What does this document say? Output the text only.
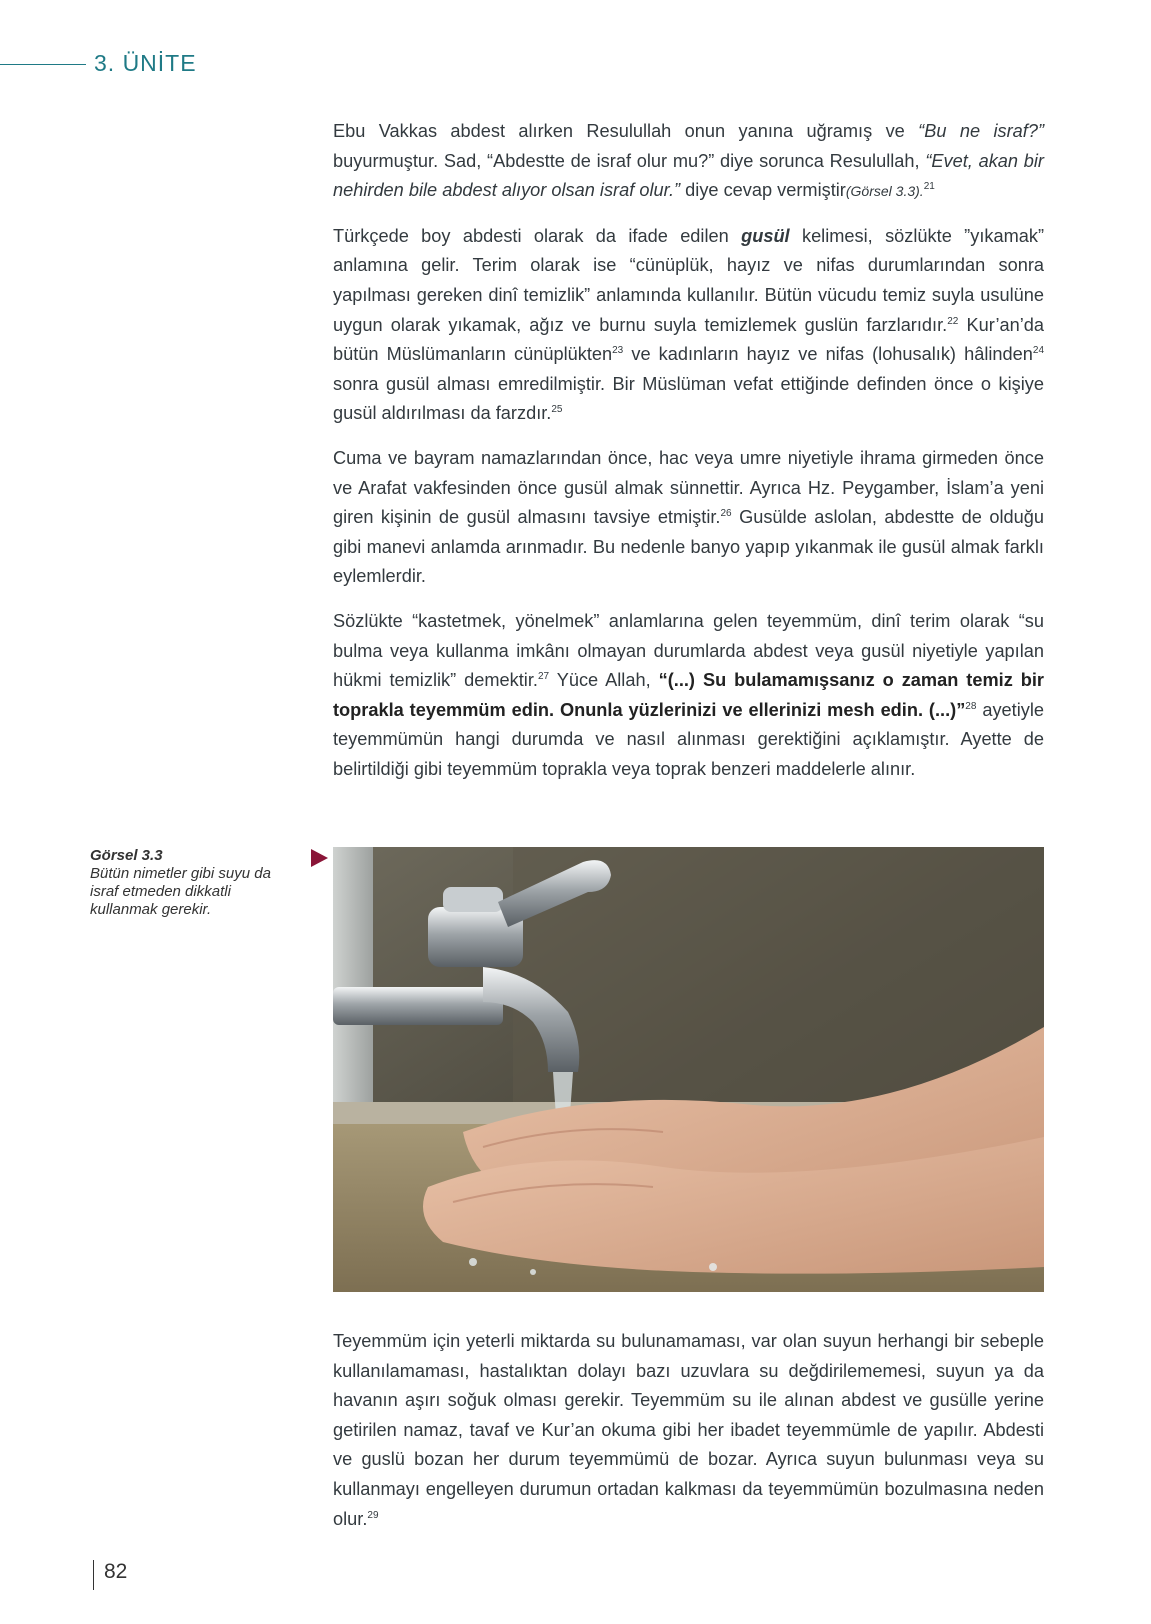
3. ÜNİTE

Ebu Vakkas abdest alırken Resulullah onun yanına uğramış ve “Bu ne israf?” buyurmuştur. Sad, “Abdestte de israf olur mu?” diye sorunca Resulullah, “Evet, akan bir nehirden bile abdest alıyor olsan israf olur.” diye cevap vermiştir(Görsel 3.3).$^{21}$

Türkçede boy abdesti olarak da ifade edilen gusül kelimesi, sözlükte ”yıkamak” anlamına gelir. Terim olarak ise “cünüplük, hayız ve nifas durumlarından sonra yapılması gereken dinî temizlik” anlamında kullanılır. Bütün vücudu temiz suyla usulüne uygun olarak yıkamak, ağız ve burnu suyla temizlemek guslün farzlarıdır.$^{22}$ Kur’an’da bütün Müslümanların cünüplükten$^{23}$ ve kadınların hayız ve nifas (lohusalık) hâlinden$^{24}$ sonra gusül alması emredilmiştir. Bir Müslüman vefat ettiğinde definden önce o kişiye gusül aldırılması da farzdır.$^{25}$

Cuma ve bayram namazlarından önce, hac veya umre niyetiyle ihrama girmeden önce ve Arafat vakfesinden önce gusül almak sünnettir. Ayrıca Hz. Peygamber, İslam’a yeni giren kişinin de gusül almasını tavsiye etmiştir.$^{26}$ Gusülde aslolan, abdestte de olduğu gibi manevi anlamda arınmadır. Bu nedenle banyo yapıp yıkanmak ile gusül almak farklı eylemlerdir.

Sözlükte “kastetmek, yönelmek” anlamlarına gelen teyemmüm, dinî terim olarak “su bulma veya kullanma imkânı olmayan durumlarda abdest veya gusül niyetiyle yapılan hükmi temizlik” demektir.$^{27}$ Yüce Allah, “(...) Su bulamamışsanız o zaman temiz bir toprakla teyemmüm edin. Onunla yüzlerinizi ve ellerinizi mesh edin. (...)”$^{28}$ ayetiyle teyemmümün hangi durumda ve nasıl alınması gerektiğini açıklamıştır. Ayette de belirtildiği gibi teyemmüm toprakla veya toprak benzeri maddelerle alınır.

Görsel 3.3
Bütün nimetler gibi suyu da israf etmeden dikkatli kullanmak gerekir.

Teyemmüm için yeterli miktarda su bulunamaması, var olan suyun herhangi bir sebeple kullanılamaması, hastalıktan dolayı bazı uzuvlara su değdirilememesi, suyun ya da havanın aşırı soğuk olması gerekir. Teyemmüm su ile alınan abdest ve gusülle yerine getirilen namaz, tavaf ve Kur’an okuma gibi her ibadet teyemmümle de yapılır. Abdesti ve guslü bozan her durum teyemmümü de bozar. Ayrıca suyun bulunması veya su kullanmayı engelleyen durumun ortadan kalkması da teyemmümün bozulmasına neden olur.$^{29}$

82
